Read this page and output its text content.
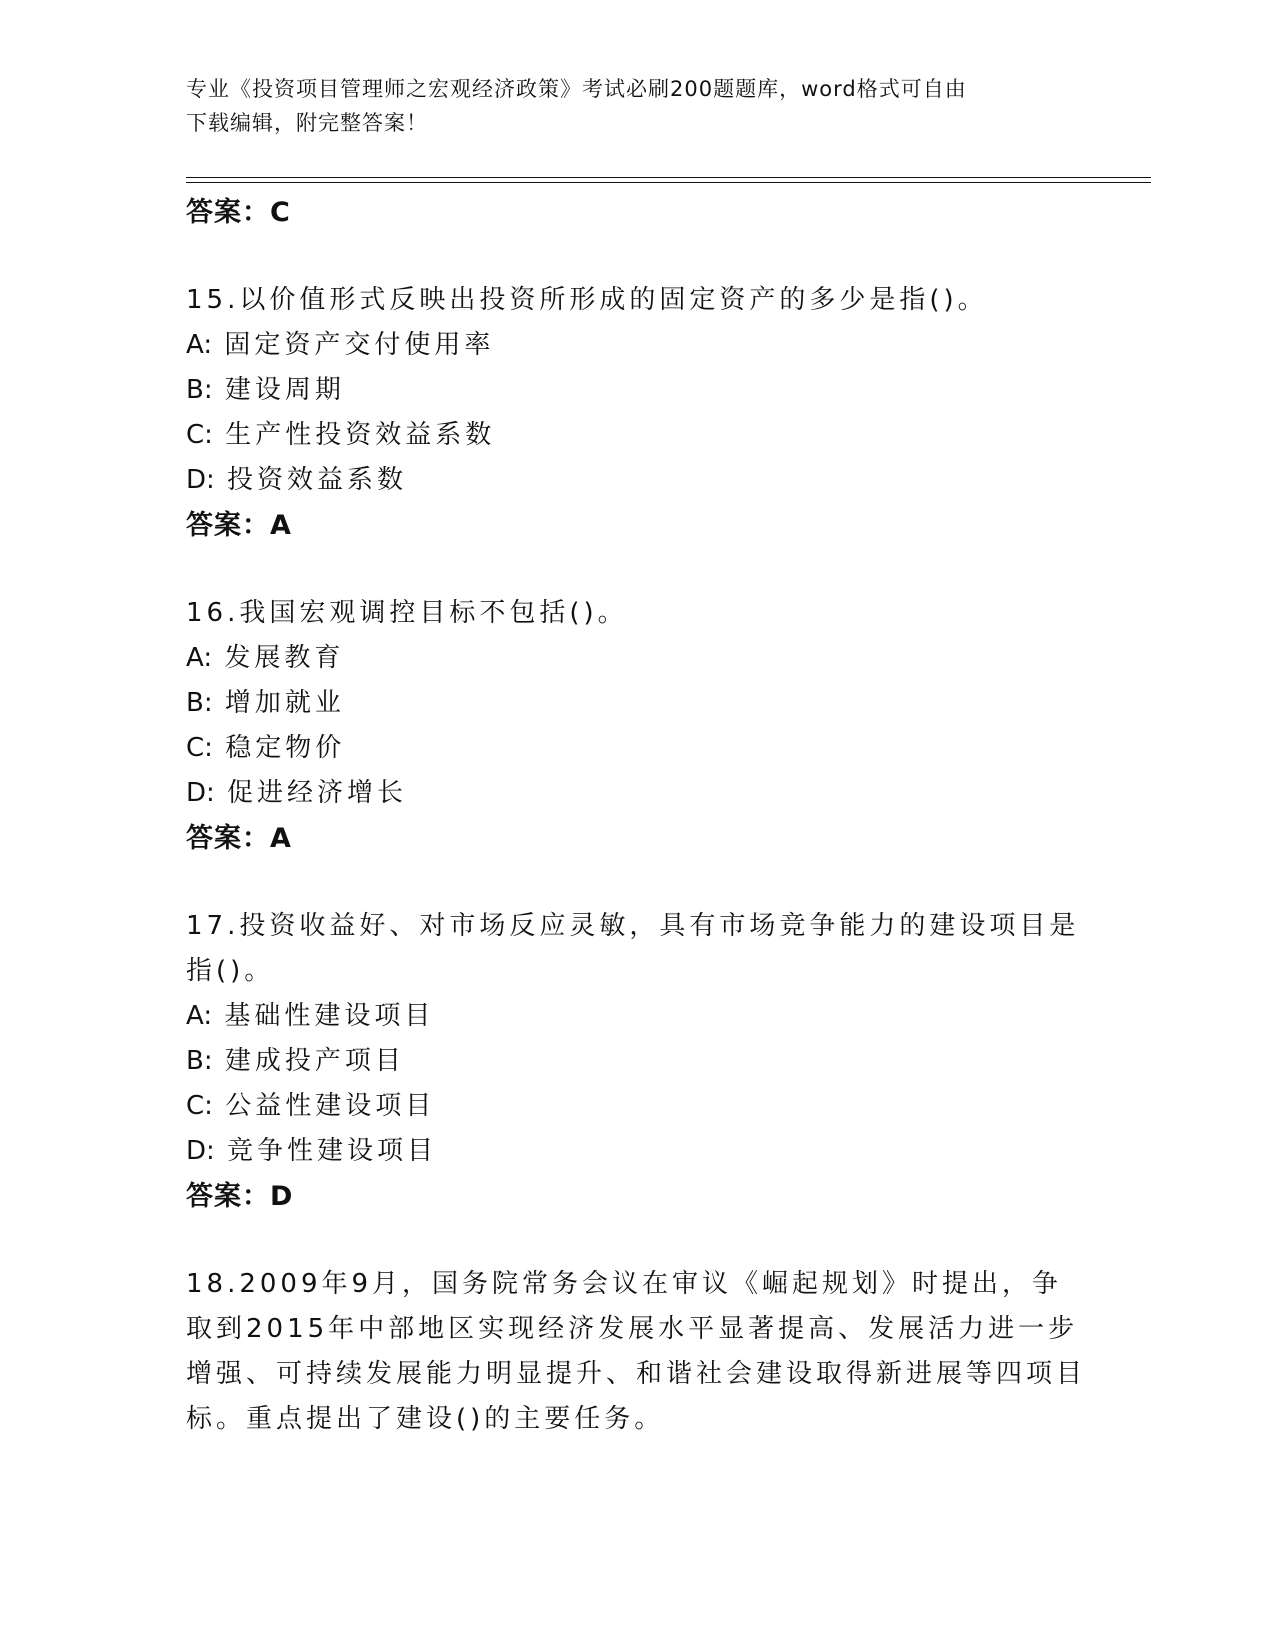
专业《投资项目管理师之宏观经济政策》考试必刷200题题库，word格式可自由
下载编辑，附完整答案！
答案：C
15.以价值形式反映出投资所形成的固定资产的多少是指()。
A: 固定资产交付使用率
B: 建设周期
C: 生产性投资效益系数
D: 投资效益系数
答案：A
16.我国宏观调控目标不包括()。
A: 发展教育
B: 增加就业
C: 稳定物价
D: 促进经济增长
答案：A
17.投资收益好、对市场反应灵敏，具有市场竞争能力的建设项目是指()。
A: 基础性建设项目
B: 建成投产项目
C: 公益性建设项目
D: 竞争性建设项目
答案：D
18.2009年9月，国务院常务会议在审议《崛起规划》时提出，争取到2015年中部地区实现经济发展水平显著提高、发展活力进一步增强、可持续发展能力明显提升、和谐社会建设取得新进展等四项目标。重点提出了建设()的主要任务。
